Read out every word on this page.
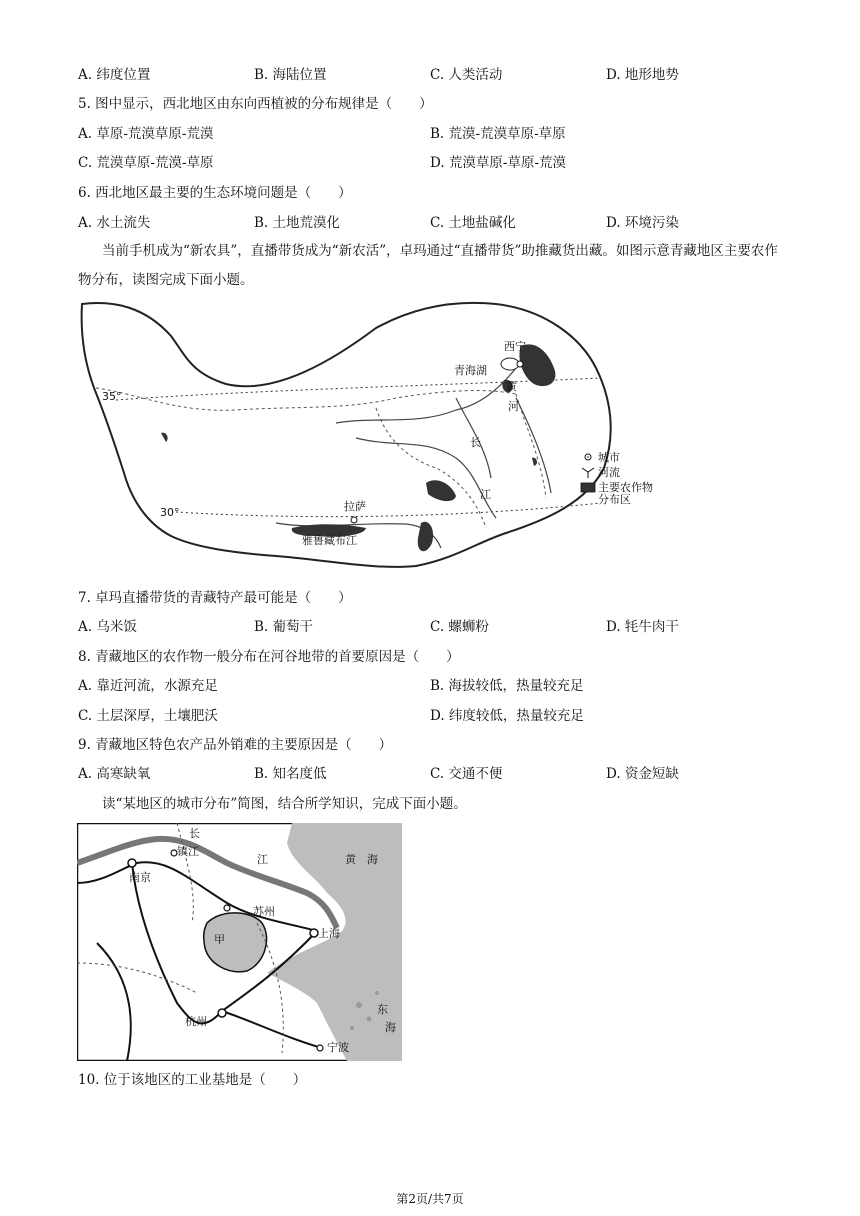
A. 纬度位置	B. 海陆位置	C. 人类活动	D. 地形地势
5. 图中显示，西北地区由东向西植被的分布规律是（　　）
A. 草原-荒漠草原-荒漠	B. 荒漠-荒漠草原-草原
C. 荒漠草原-荒漠-草原	D. 荒漠草原-草原-荒漠
6. 西北地区最主要的生态环境问题是（　　）
A. 水土流失	B. 土地荒漠化	C. 土地盐碱化	D. 环境污染
当前手机成为“新农具”，直播带货成为“新农活”，卓玛通过“直播带货”助推藏货出藏。如图示意青藏地区主要农作物分布，读图完成下面小题。
西宁
青海湖
黄
河
长
江
35°
30°	拉萨
雅鲁藏布江
城市
河流
主要农作物
分布区
7. 卓玛直播带货的青藏特产最可能是（　　）
A. 乌米饭	B. 葡萄干	C. 螺蛳粉	D. 牦牛肉干
8. 青藏地区的农作物一般分布在河谷地带的首要原因是（　　）
A. 靠近河流，水源充足	B. 海拔较低，热量较充足
C. 土层深厚，土壤肥沃	D. 纬度较低，热量较充足
9. 青藏地区特色农产品外销难的主要原因是（　　）
A. 高寒缺氧	B. 知名度低	C. 交通不便	D. 资金短缺
读“某地区的城市分布”简图，结合所学知识，完成下面小题。
长
镇江
江	黄　海
南京
苏州
甲	上海
东
海
杭州
宁波
10. 位于该地区的工业基地是（　　）
第2页/共7页
